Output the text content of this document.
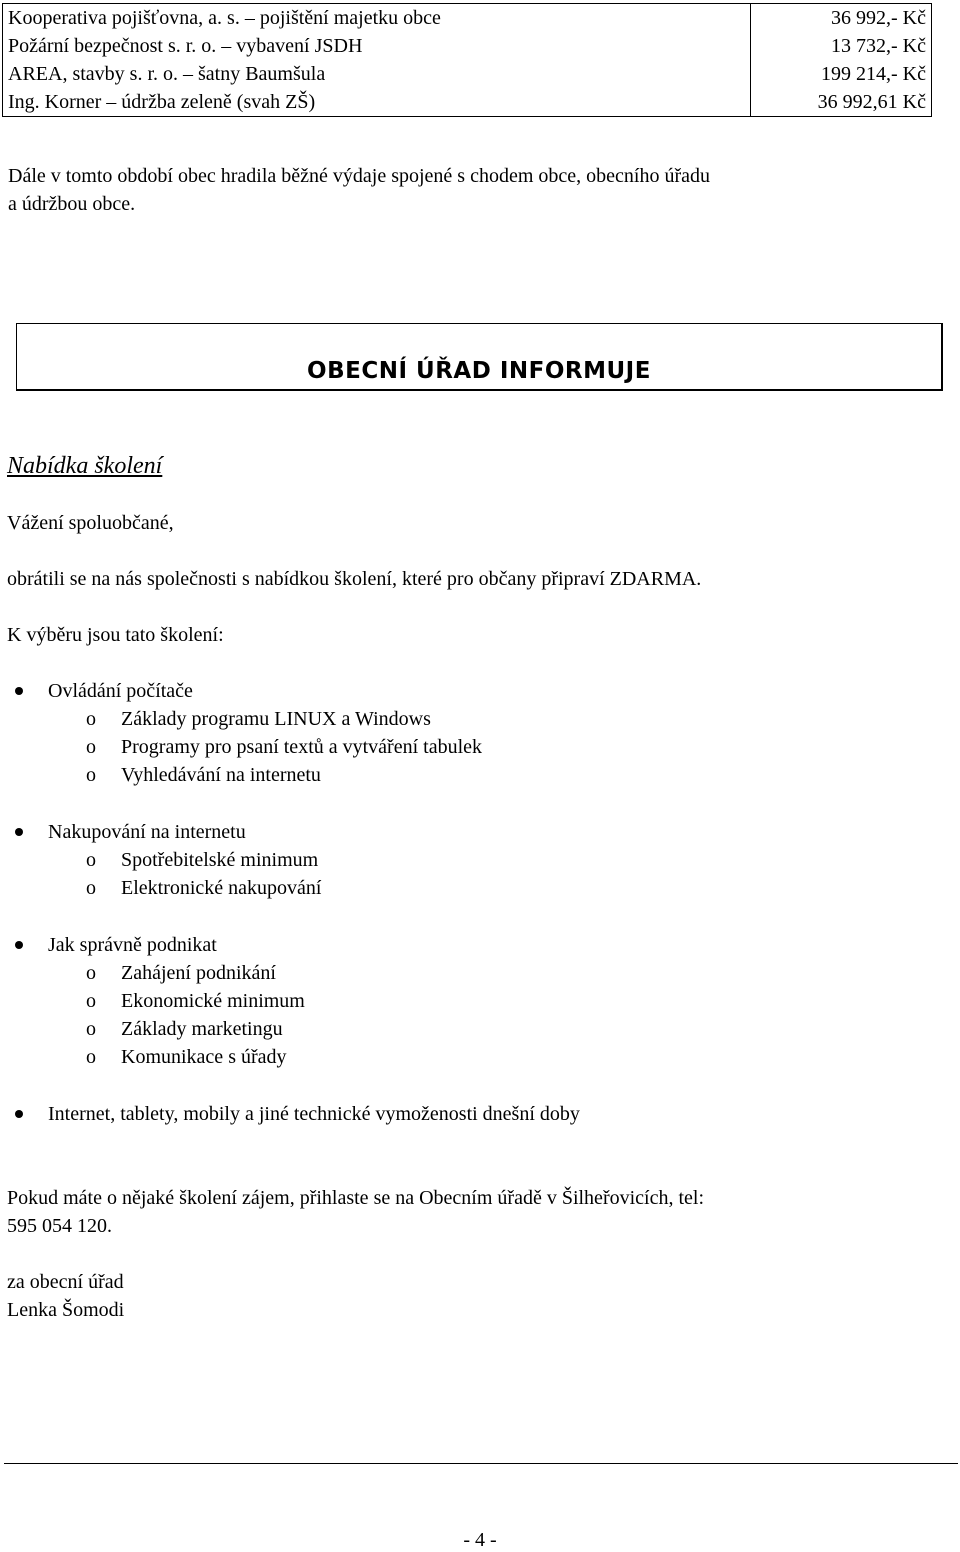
Kooperativa pojišťovna, a. s. – pojištění majetku obce	36 992,- Kč
Požární bezpečnost s. r. o. – vybavení JSDH	13 732,- Kč
AREA, stavby s. r. o. – šatny Baumšula	199 214,- Kč
Ing. Korner – údržba zeleně (svah ZŠ)	36 992,61 Kč
Dále v tomto období obec hradila běžné výdaje spojené s chodem obce, obecního úřadu
a údržbou obce.
OBECNÍ ÚŘAD INFORMUJE
Nabídka školení
Vážení spoluobčané,
obrátili se na nás společnosti s nabídkou školení, které pro občany připraví ZDARMA.
K výběru jsou tato školení:
Ovládání počítače
o Základy programu LINUX a Windows
o Programy pro psaní textů a vytváření tabulek
o Vyhledávání na internetu
Nakupování na internetu
o Spotřebitelské minimum
o Elektronické nakupování
Jak správně podnikat
o Zahájení podnikání
o Ekonomické minimum
o Základy marketingu
o Komunikace s úřady
Internet, tablety, mobily a jiné technické vymoženosti dnešní doby
Pokud máte o nějaké školení zájem, přihlaste se na Obecním úřadě v Šilheřovicích, tel:
595 054 120.
za obecní úřad
Lenka Šomodi
- 4 -
